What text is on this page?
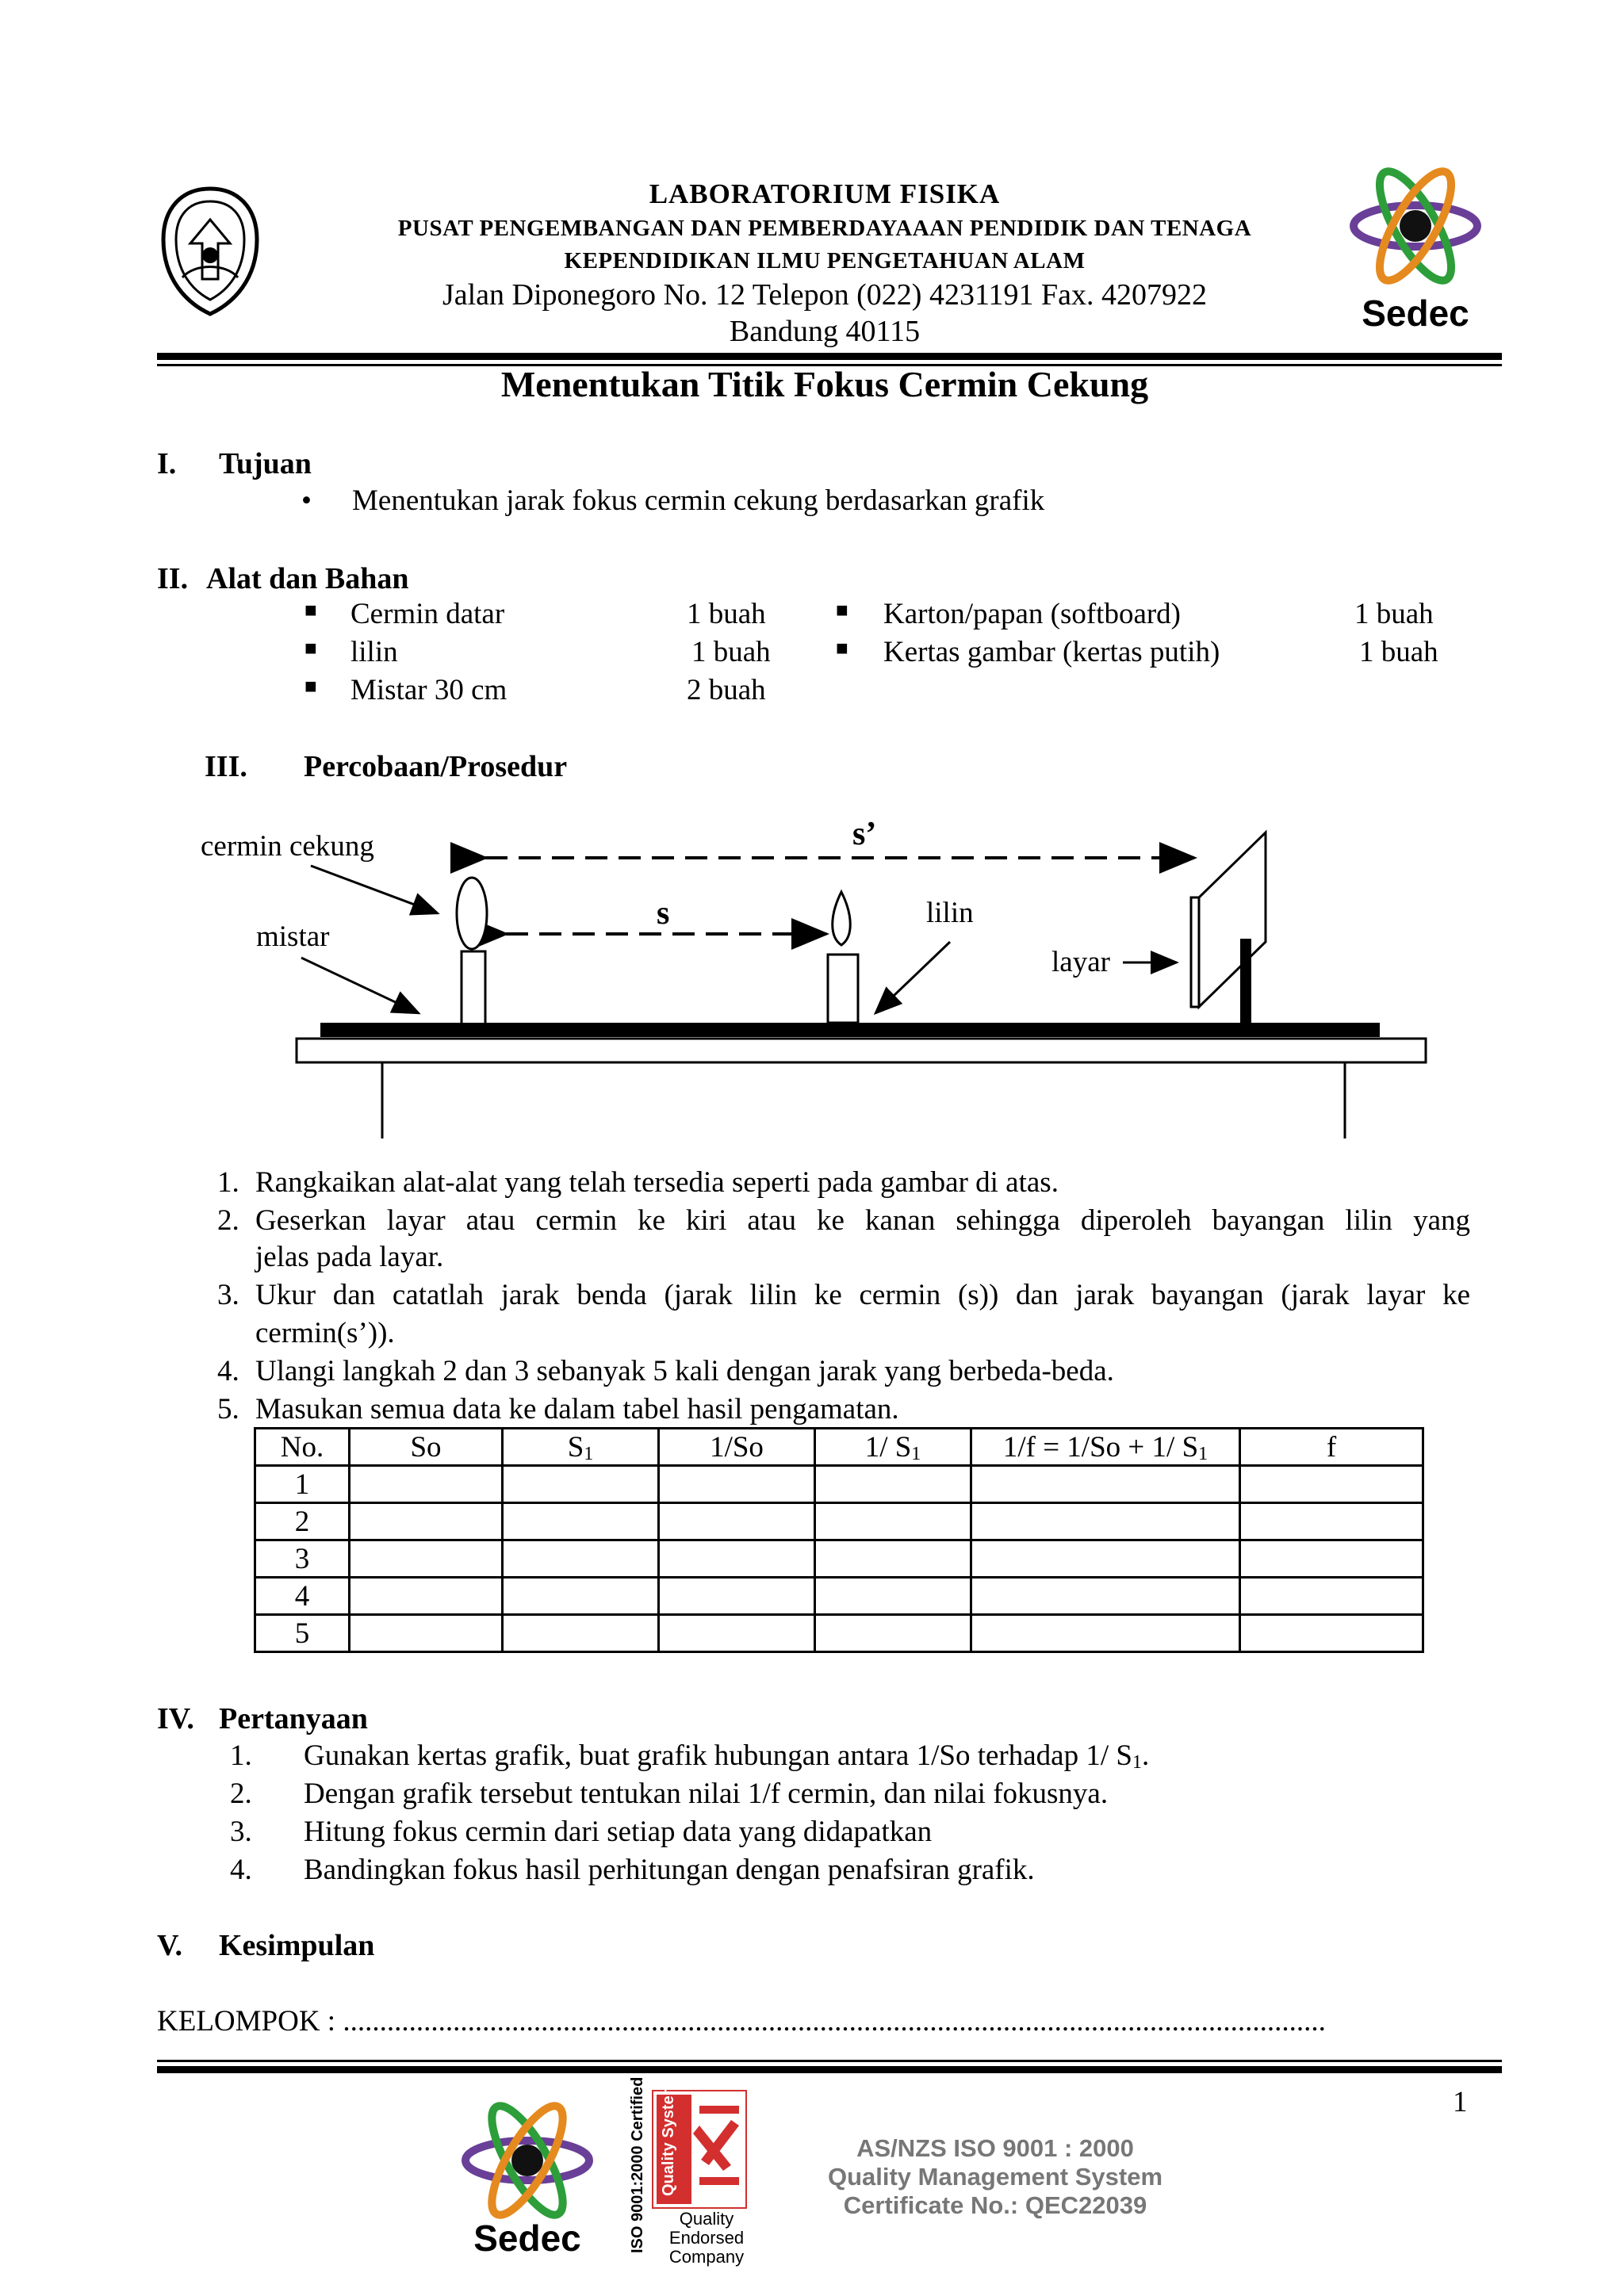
LABORATORIUM FISIKA
PUSAT PENGEMBANGAN DAN PEMBERDAYAAAN PENDIDIK DAN TENAGA
KEPENDIDIKAN ILMU PENGETAHUAN ALAM
Jalan Diponegoro No. 12 Telepon (022) 4231191 Fax. 4207922
Bandung 40115	Sedec
Menentukan Titik Fokus Cermin Cekung
I. Tujuan
• Menentukan jarak fokus cermin cekung berdasarkan grafik
II. Alat dan Bahan
■ Cermin datar	1 buah
■ lilin	1 buah
■ Mistar 30 cm	2 buah
■ Karton/papan (softboard)	1 buah
■ Kertas gambar (kertas putih)	1 buah
III. Percobaan/Prosedur
cermin cekung
mistar
s’
s	lilin
layar
1. Rangkaikan alat-alat yang telah tersedia seperti pada gambar di atas.
2. Geserkan layar atau cermin ke kiri atau ke kanan sehingga diperoleh bayangan lilin yang
jelas pada layar.
3. Ukur dan catatlah jarak benda (jarak lilin ke cermin (s)) dan jarak bayangan (jarak layar ke
cermin(s’)).
4. Ulangi langkah 2 dan 3 sebanyak 5 kali dengan jarak yang berbeda-beda.
5. Masukan semua data ke dalam tabel hasil pengamatan.
No.	So	$S_1$	1/So	1/ $S_1$	1/f = 1/So + 1/ $S_1$	f
1						
2						
3						
4						
5						
IV. Pertanyaan
1. Gunakan kertas grafik, buat grafik hubungan antara 1/So terhadap 1/ $S_1$.
2. Dengan grafik tersebut tentukan nilai 1/f cermin, dan nilai fokusnya.
3. Hitung fokus cermin dari setiap data yang didapatkan
4. Bandingkan fokus hasil perhitungan dengan penafsiran grafik.
V. Kesimpulan
KELOMPOK : ......................................................................................................................................
1
Sedec	ISO 9001:2000 Certified Quality System
Quality
Endorsed
Company
AS/NZS ISO 9001 : 2000
Quality Management System
Certificate No.: QEC22039
